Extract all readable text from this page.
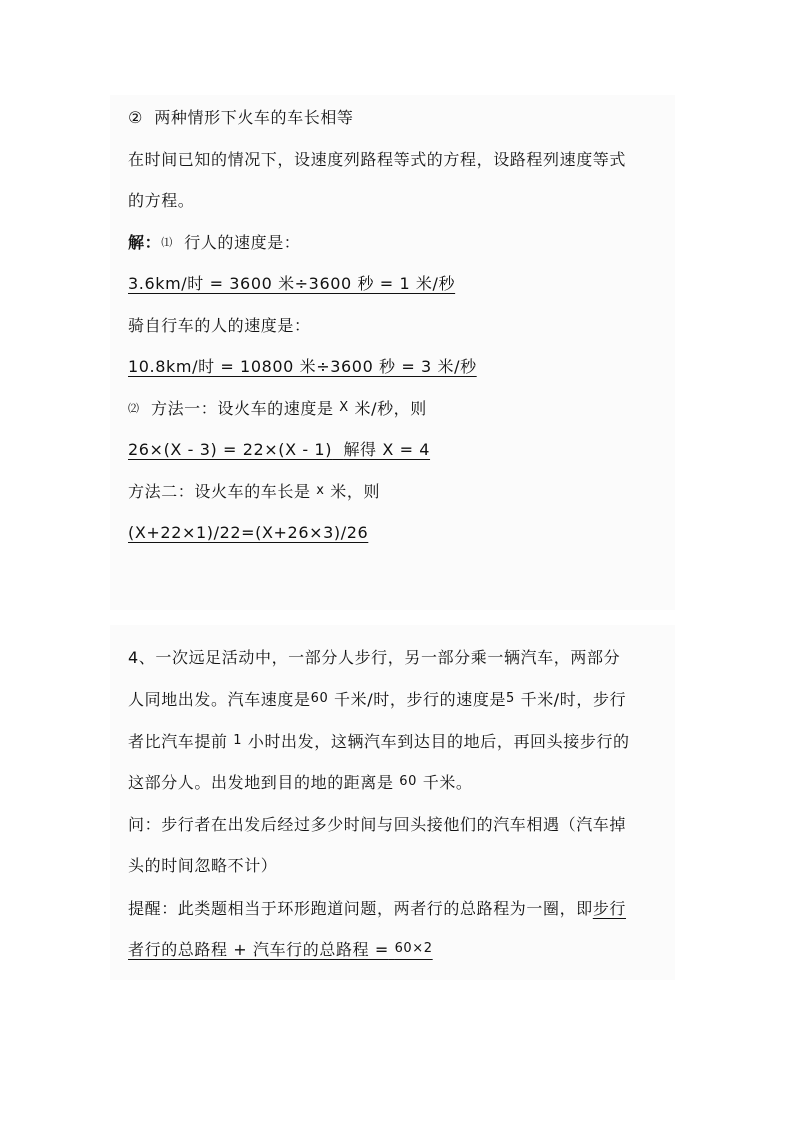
② 两种情形下火车的车长相等
在时间已知的情况下，设速度列路程等式的方程，设路程列速度等式
的方程。
解：⑴ 行人的速度是：
3.6km/时 = 3600 米÷3600 秒 = 1 米/秒
骑自行车的人的速度是：
10.8km/时 = 10800 米÷3600 秒 = 3 米/秒
⑵ 方法一：设火车的速度是 X 米/秒，则
26×(X - 3) = 22×(X - 1) 解得 X = 4
方法二：设火车的车长是 x 米，则
(X+22×1)/22=(X+26×3)/26
4、一次远足活动中，一部分人步行，另一部分乘一辆汽车，两部分
人同地出发。汽车速度是60 千米/时，步行的速度是5 千米/时，步行
者比汽车提前 1 小时出发，这辆汽车到达目的地后，再回头接步行的
这部分人。出发地到目的地的距离是 60 千米。
问：步行者在出发后经过多少时间与回头接他们的汽车相遇（汽车掉
头的时间忽略不计）
提醒：此类题相当于环形跑道问题，两者行的总路程为一圈，即步行
者行的总路程 + 汽车行的总路程 = 60×2
